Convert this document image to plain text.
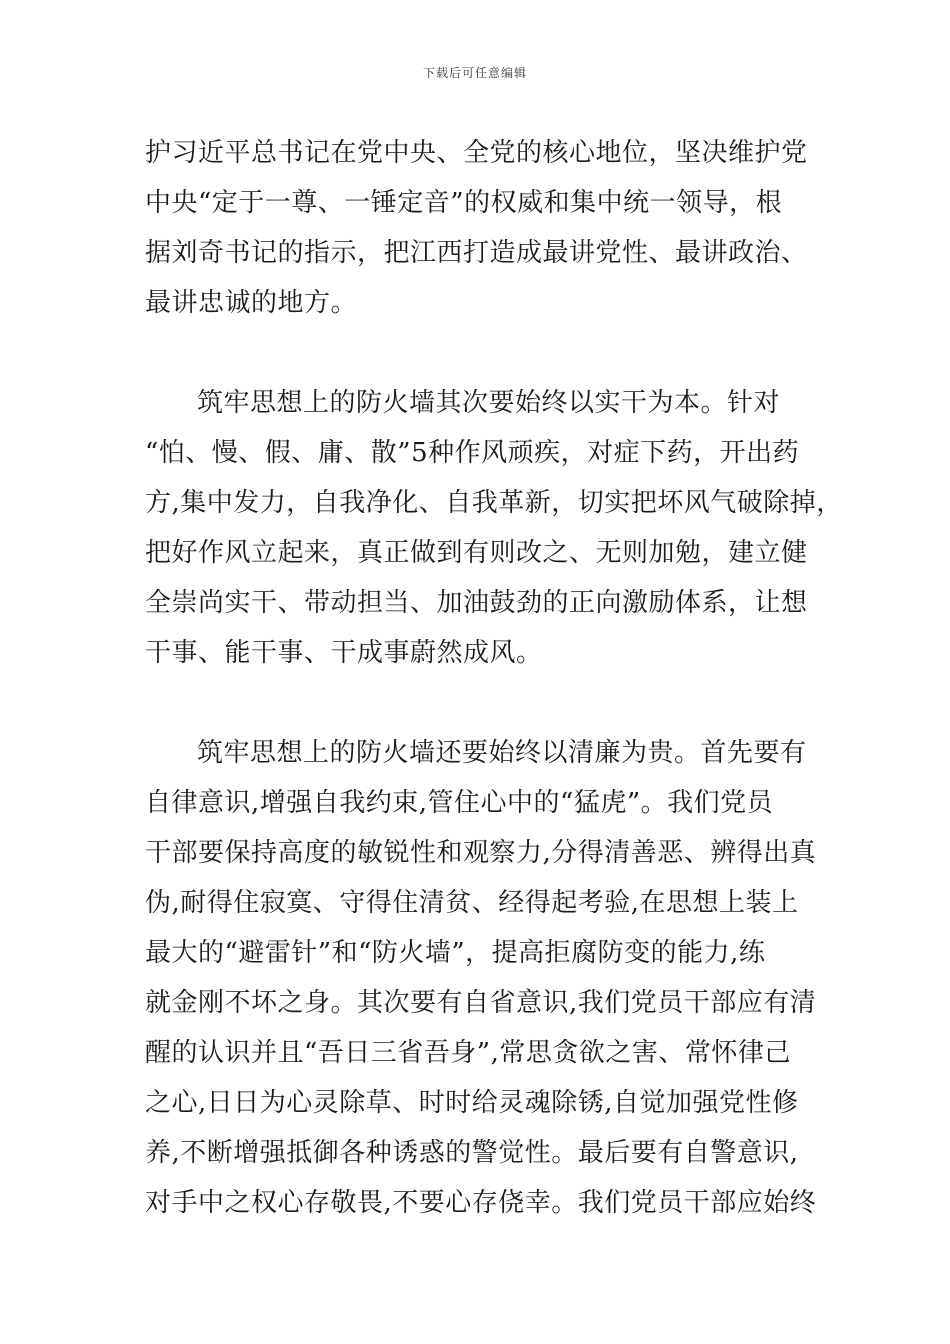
下载后可任意编辑
护习近平总书记在党中央、全党的核心地位，坚决维护党
中央“定于一尊、一锤定音”的权威和集中统一领导，根
据刘奇书记的指示，把江西打造成最讲党性、最讲政治、
最讲忠诚的地方。
筑牢思想上的防火墙其次要始终以实干为本。针对
“怕、慢、假、庸、散”5种作风顽疾，对症下药，开出药
方,集中发力，自我净化、自我革新，切实把坏风气破除掉，
把好作风立起来，真正做到有则改之、无则加勉，建立健
全崇尚实干、带动担当、加油鼓劲的正向激励体系，让想
干事、能干事、干成事蔚然成风。
筑牢思想上的防火墙还要始终以清廉为贵。首先要有
自律意识,增强自我约束,管住心中的“猛虎”。我们党员
干部要保持高度的敏锐性和观察力,分得清善恶、辨得出真
伪,耐得住寂寞、守得住清贫、经得起考验,在思想上装上
最大的“避雷针”和“防火墙”，提高拒腐防变的能力,练
就金刚不坏之身。其次要有自省意识,我们党员干部应有清
醒的认识并且“吾日三省吾身”,常思贪欲之害、常怀律己
之心,日日为心灵除草、时时给灵魂除锈,自觉加强党性修
养,不断增强抵御各种诱惑的警觉性。最后要有自警意识,
对手中之权心存敬畏,不要心存侥幸。我们党员干部应始终
